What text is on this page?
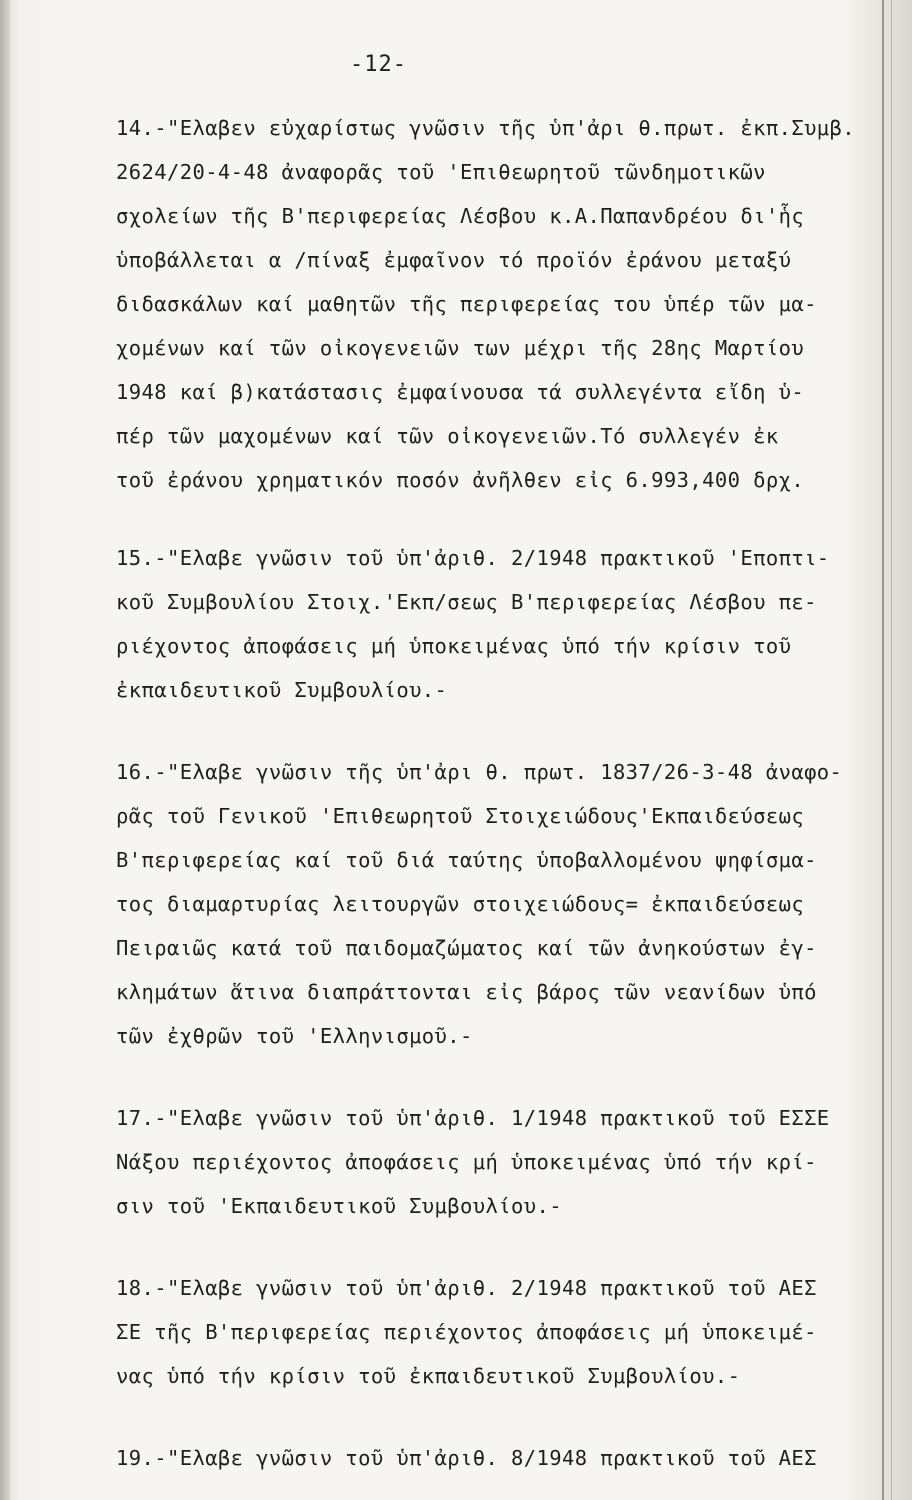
-12-
14.-"Ελαβεν εὐχαρίστως γνῶσιν τῆς ὑπ'ἀρι θ.πρωτ. ἐκπ.Συμβ.
2624/20-4-48 ἀναφορᾶς τοῦ 'Επιθεωρητοῦ τῶνδημοτικῶν
σχολείων τῆς Β'περιφερείας Λέσβου κ.Α.Παπανδρέου δι'ἧς
ὑποβάλλεται α /πίναξ ἐμφαῖνον τό προϊόν ἐράνου μεταξύ
διδασκάλων καί μαθητῶν τῆς περιφερείας του ὑπέρ τῶν μα-
χομένων καί τῶν οἰκογενειῶν των μέχρι τῆς 28ης Μαρτίου
1948 καί β)κατάστασις ἐμφαίνουσα τά συλλεγέντα εἴδη ὑ-
πέρ τῶν μαχομένων καί τῶν οἰκογενειῶν.Τό συλλεγέν ἐκ
τοῦ ἐράνου χρηματικόν ποσόν ἀνῆλθεν εἰς 6.993,400 δρχ.
15.-"Ελαβε γνῶσιν τοῦ ὑπ'ἀριθ. 2/1948 πρακτικοῦ 'Εποπτι-
κοῦ Συμβουλίου Στοιχ.'Εκπ/σεως Β'περιφερείας Λέσβου πε-
ριέχοντος ἀποφάσεις μή ὑποκειμένας ὑπό τήν κρίσιν τοῦ
ἐκπαιδευτικοῦ Συμβουλίου.-
16.-"Ελαβε γνῶσιν τῆς ὑπ'ἀρι θ. πρωτ. 1837/26-3-48 ἀναφο-
ρᾶς τοῦ Γενικοῦ 'Επιθεωρητοῦ Στοιχειώδους'Εκπαιδεύσεως
Β'περιφερείας καί τοῦ διά ταύτης ὑποβαλλομένου ψηφίσμα-
τος διαμαρτυρίας λειτουργῶν στοιχειώδους= ἐκπαιδεύσεως
Πειραιῶς κατά τοῦ παιδομαζώματος καί τῶν ἀνηκούστων ἐγ-
κλημάτων ἅτινα διαπράττονται εἰς βάρος τῶν νεανίδων ὑπό
τῶν ἐχθρῶν τοῦ 'Ελληνισμοῦ.-
17.-"Ελαβε γνῶσιν τοῦ ὑπ'ἀριθ. 1/1948 πρακτικοῦ τοῦ ΕΣΣΕ
Νάξου περιέχοντος ἀποφάσεις μή ὑποκειμένας ὑπό τήν κρί-
σιν τοῦ 'Εκπαιδευτικοῦ Συμβουλίου.-
18.-"Ελαβε γνῶσιν τοῦ ὑπ'ἀριθ. 2/1948 πρακτικοῦ τοῦ ΑΕΣ
ΣΕ τῆς Β'περιφερείας περιέχοντος ἀποφάσεις μή ὑποκειμέ-
νας ὑπό τήν κρίσιν τοῦ ἐκπαιδευτικοῦ Συμβουλίου.-
19.-"Ελαβε γνῶσιν τοῦ ὑπ'ἀριθ. 8/1948 πρακτικοῦ τοῦ ΑΕΣ
